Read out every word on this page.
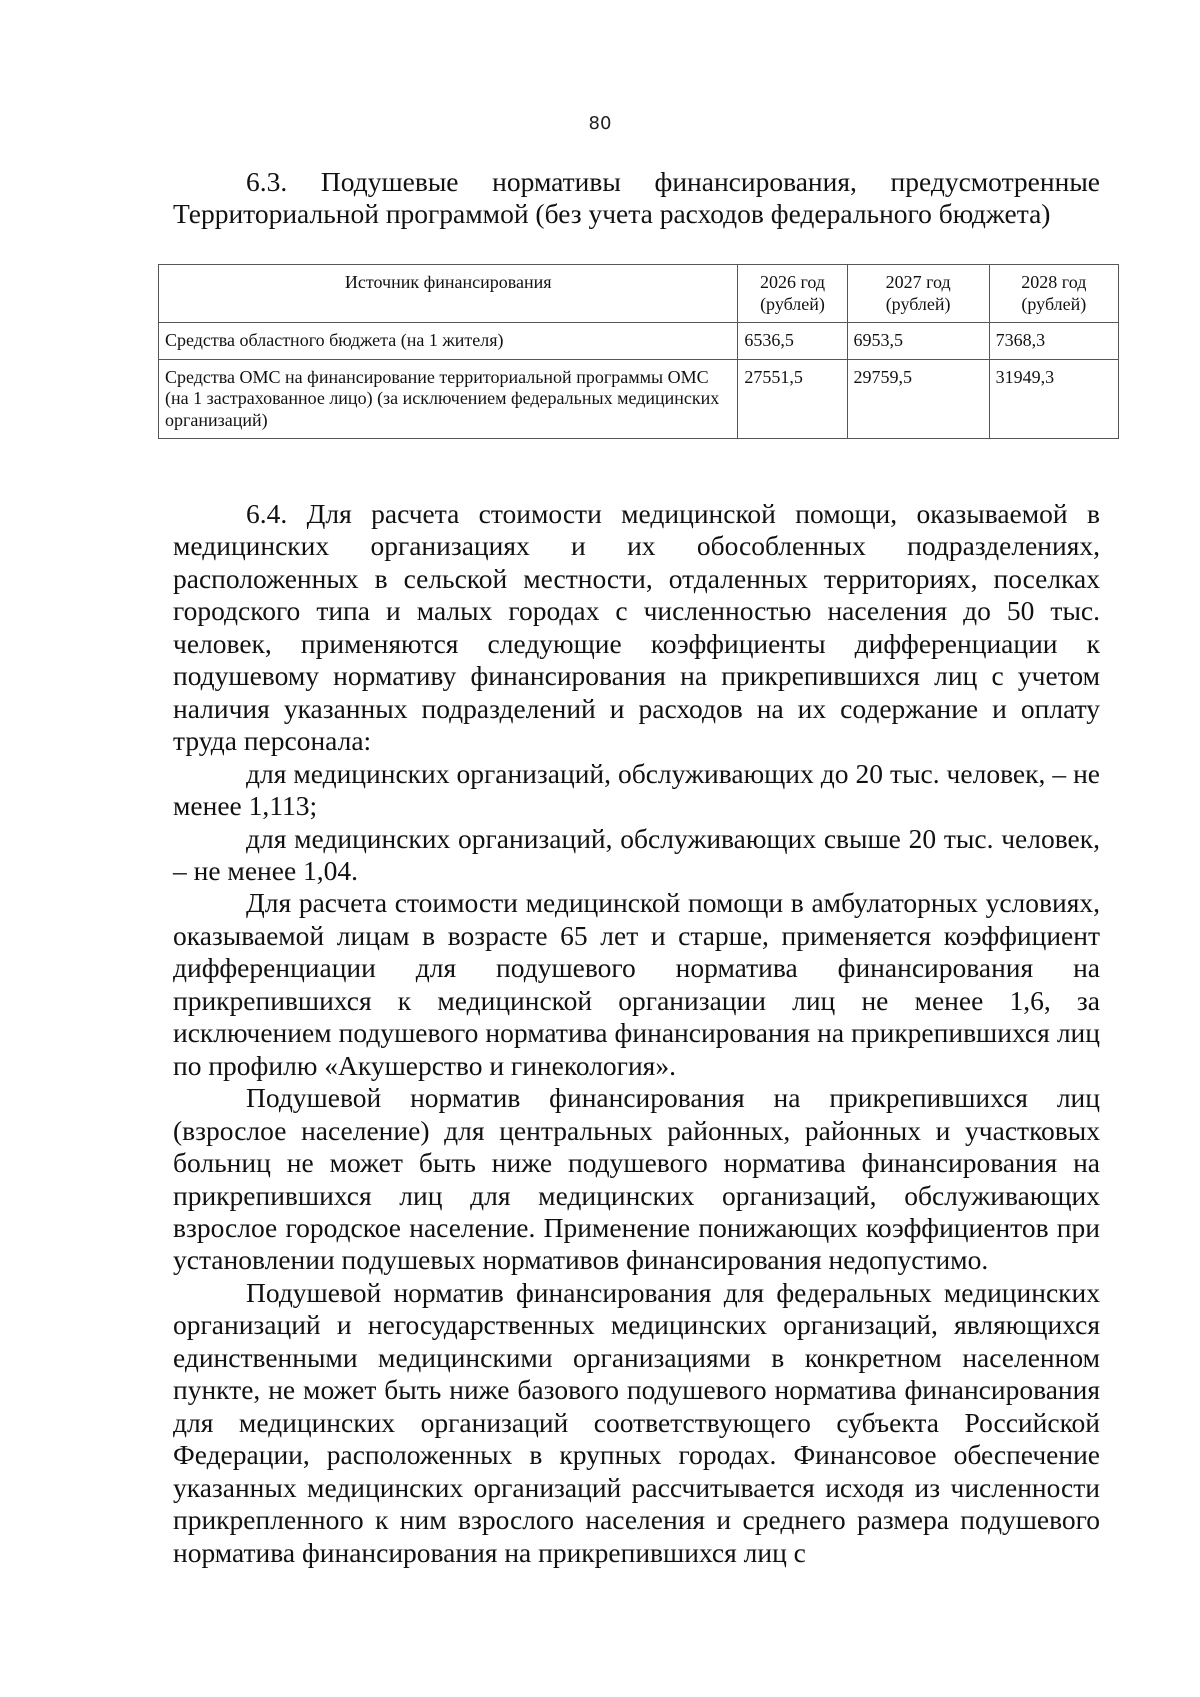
80

6.3. Подушевые нормативы финансирования, предусмотренные Территориальной программой (без учета расходов федерального бюджета)

Источник финансирования	2026 год (рублей)	2027 год (рублей)	2028 год (рублей)
Средства областного бюджета (на 1 жителя)	6536,5	6953,5	7368,3
Средства ОМС на финансирование территориальной программы ОМС (на 1 застрахованное лицо) (за исключением федеральных медицинских организаций)	27551,5	29759,5	31949,3

6.4. Для расчета стоимости медицинской помощи, оказываемой в медицинских организациях и их обособленных подразделениях, расположенных в сельской местности, отдаленных территориях, поселках городского типа и малых городах с численностью населения до 50 тыс. человек, применяются следующие коэффициенты дифференциации к подушевому нормативу финансирования на прикрепившихся лиц с учетом наличия указанных подразделений и расходов на их содержание и оплату труда персонала:

для медицинских организаций, обслуживающих до 20 тыс. человек, – не менее 1,113;

для медицинских организаций, обслуживающих свыше 20 тыс. человек, – не менее 1,04.

Для расчета стоимости медицинской помощи в амбулаторных условиях, оказываемой лицам в возрасте 65 лет и старше, применяется коэффициент дифференциации для подушевого норматива финансирования на прикрепившихся к медицинской организации лиц не менее 1,6, за исключением подушевого норматива финансирования на прикрепившихся лиц по профилю «Акушерство и гинекология».

Подушевой норматив финансирования на прикрепившихся лиц (взрослое население) для центральных районных, районных и участковых больниц не может быть ниже подушевого норматива финансирования на прикрепившихся лиц для медицинских организаций, обслуживающих взрослое городское население. Применение понижающих коэффициентов при установлении подушевых нормативов финансирования недопустимо.

Подушевой норматив финансирования для федеральных медицинских организаций и негосударственных медицинских организаций, являющихся единственными медицинскими организациями в конкретном населенном пункте, не может быть ниже базового подушевого норматива финансирования для медицинских организаций соответствующего субъекта Российской Федерации, расположенных в крупных городах. Финансовое обеспечение указанных медицинских организаций рассчитывается исходя из численности прикрепленного к ним взрослого населения и среднего размера подушевого норматива финансирования на прикрепившихся лиц с
